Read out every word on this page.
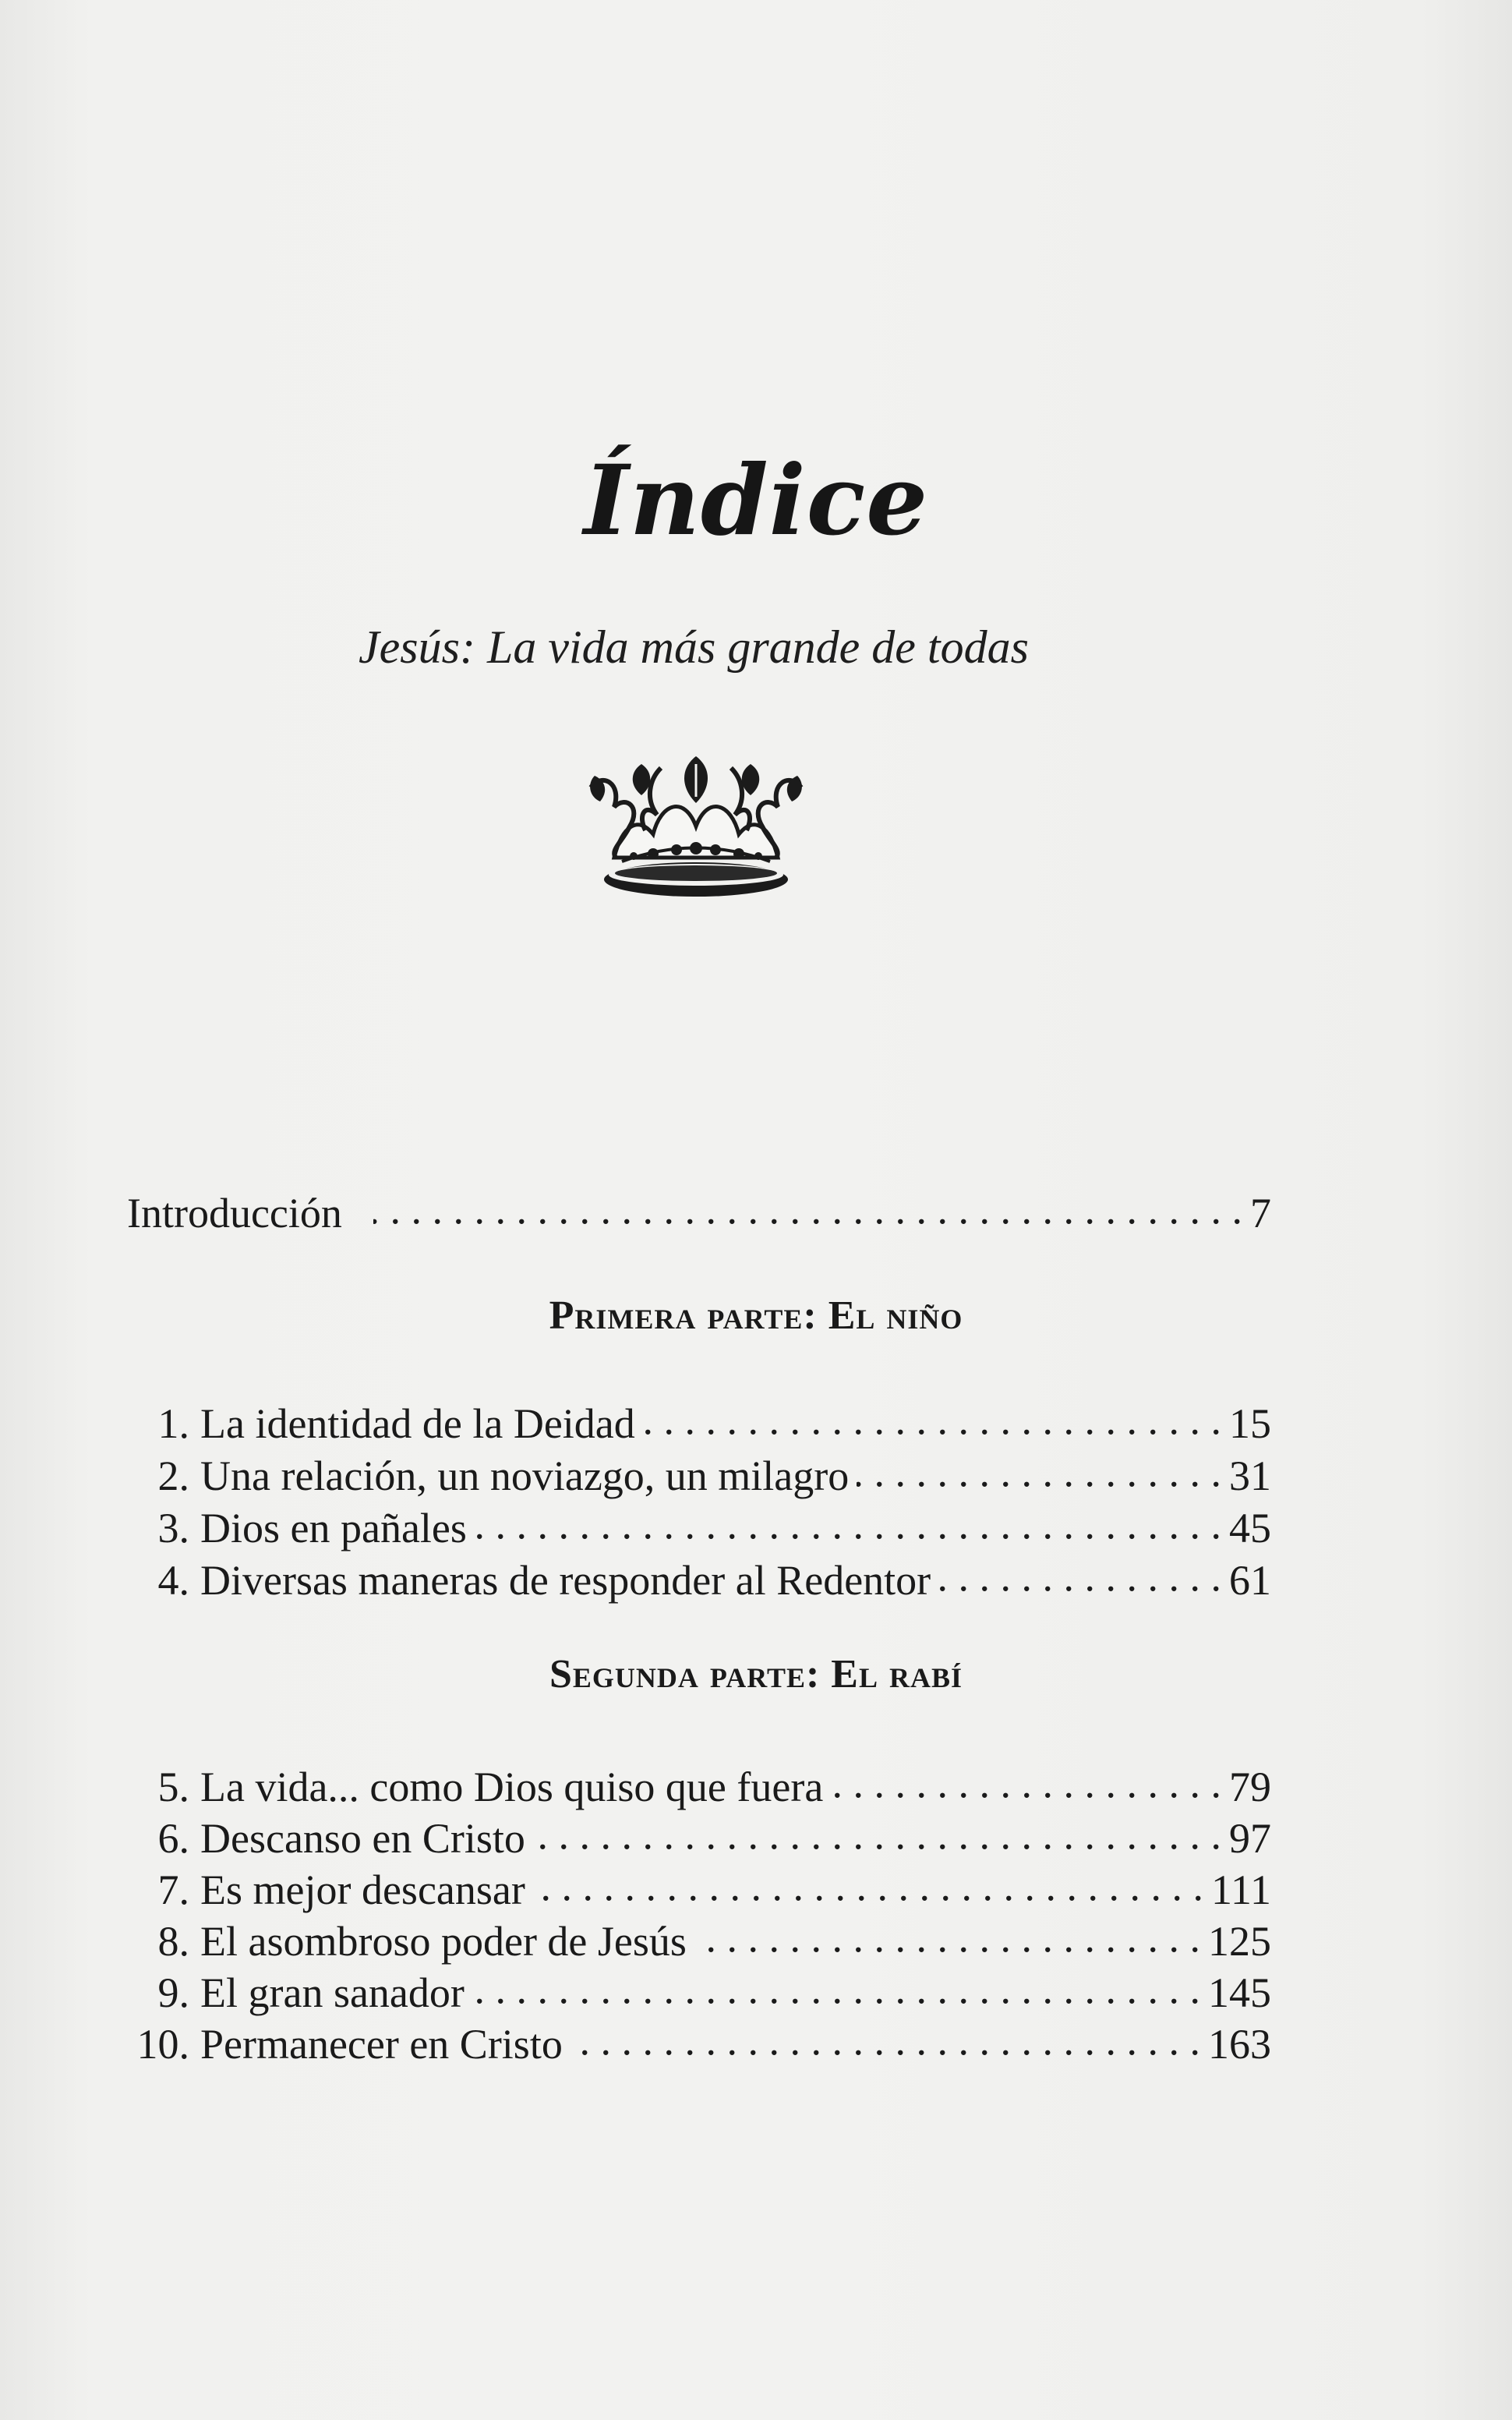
Índice
Jesús: La vida más grande de todas
Introducción . . .	7
Primera parte: El niño
1. La identidad de la Deidad . . .	15
2. Una relación, un noviazgo, un milagro . . .	31
3. Dios en pañales . . .	45
4. Diversas maneras de responder al Redentor . . .	61
Segunda parte: El rabí
5. La vida... como Dios quiso que fuera . . .	79
6. Descanso en Cristo . . .	97
7. Es mejor descansar . . .	111
8. El asombroso poder de Jesús . . .	125
9. El gran sanador . . .	145
10. Permanecer en Cristo . . .	163
